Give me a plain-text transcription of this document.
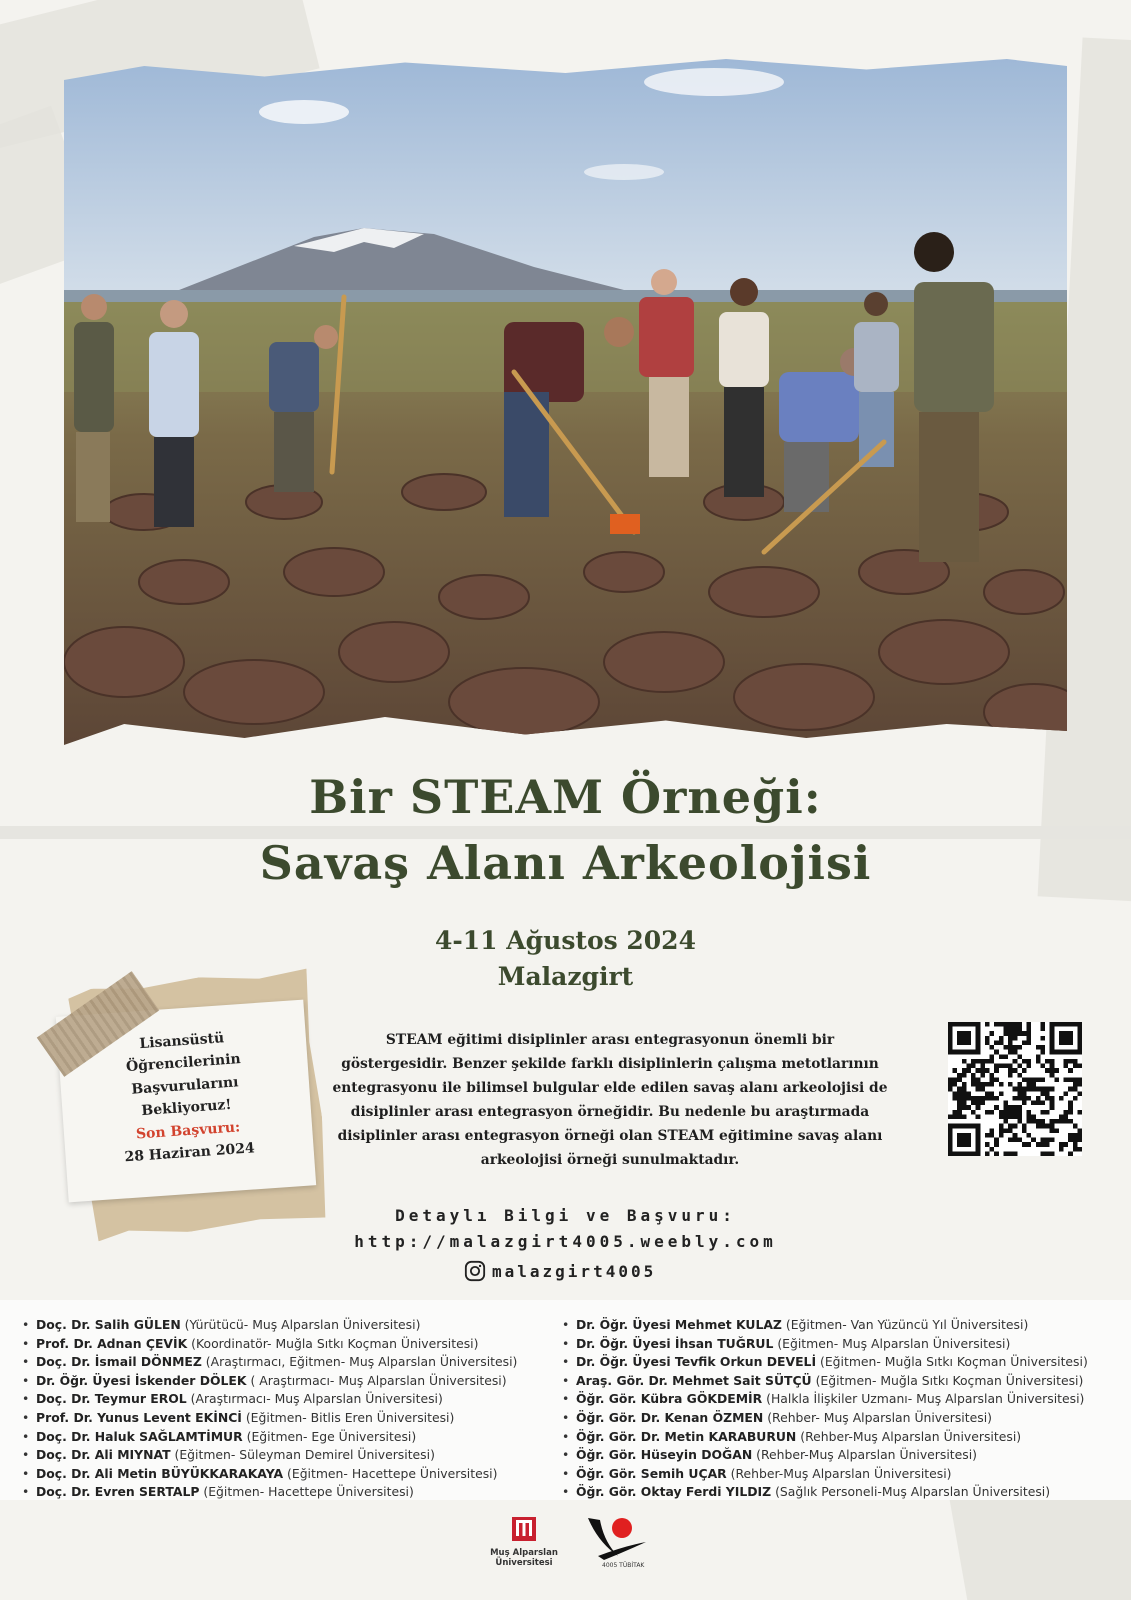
Bir STEAM Örneği:
Savaş Alanı Arkeolojisi
4-11 Ağustos 2024
Malazgirt
Lisansüstü
Öğrencilerinin
Başvurularını
Bekliyoruz!
Son Başvuru:
28 Haziran 2024
STEAM eğitimi disiplinler arası entegrasyonun önemli bir
göstergesidir. Benzer şekilde farklı disiplinlerin çalışma metotlarının
entegrasyonu ile bilimsel bulgular elde edilen savaş alanı arkeolojisi de
disiplinler arası entegrasyon örneğidir. Bu nedenle bu araştırmada
disiplinler arası entegrasyon örneği olan STEAM eğitimine savaş alanı
arkeolojisi örneği sunulmaktadır.
Detaylı Bilgi ve Başvuru:
http://malazgirt4005.weebly.com
malazgirt4005
• Doç. Dr. Salih GÜLEN (Yürütücü- Muş Alparslan Üniversitesi)
• Prof. Dr. Adnan ÇEVİK (Koordinatör- Muğla Sıtkı Koçman Üniversitesi)
• Doç. Dr. İsmail DÖNMEZ (Araştırmacı, Eğitmen- Muş Alparslan Üniversitesi)
• Dr. Öğr. Üyesi İskender DÖLEK ( Araştırmacı- Muş Alparslan Üniversitesi)
• Doç. Dr. Teymur EROL (Araştırmacı- Muş Alparslan Üniversitesi)
• Prof. Dr. Yunus Levent EKİNCİ (Eğitmen- Bitlis Eren Üniversitesi)
• Doç. Dr. Haluk SAĞLAMTİMUR (Eğitmen- Ege Üniversitesi)
• Doç. Dr. Ali MIYNAT (Eğitmen- Süleyman Demirel Üniversitesi)
• Doç. Dr. Ali Metin BÜYÜKKARAKAYA (Eğitmen- Hacettepe Üniversitesi)
• Doç. Dr. Evren SERTALP (Eğitmen- Hacettepe Üniversitesi)
• Dr. Öğr. Üyesi Mehmet KULAZ (Eğitmen- Van Yüzüncü Yıl Üniversitesi)
• Dr. Öğr. Üyesi İhsan TUĞRUL (Eğitmen- Muş Alparslan Üniversitesi)
• Dr. Öğr. Üyesi Tevfik Orkun DEVELİ (Eğitmen- Muğla Sıtkı Koçman Üniversitesi)
• Araş. Gör. Dr. Mehmet Sait SÜTÇÜ (Eğitmen- Muğla Sıtkı Koçman Üniversitesi)
• Öğr. Gör. Kübra GÖKDEMİR (Halkla İlişkiler Uzmanı- Muş Alparslan Üniversitesi)
• Öğr. Gör. Dr. Kenan ÖZMEN (Rehber- Muş Alparslan Üniversitesi)
• Öğr. Gör. Dr. Metin KARABURUN (Rehber-Muş Alparslan Üniversitesi)
• Öğr. Gör. Hüseyin DOĞAN (Rehber-Muş Alparslan Üniversitesi)
• Öğr. Gör. Semih UÇAR (Rehber-Muş Alparslan Üniversitesi)
• Öğr. Gör. Oktay Ferdi YILDIZ (Sağlık Personeli-Muş Alparslan Üniversitesi)
Muş Alparslan
Üniversitesi	4005 TÜBİTAK
